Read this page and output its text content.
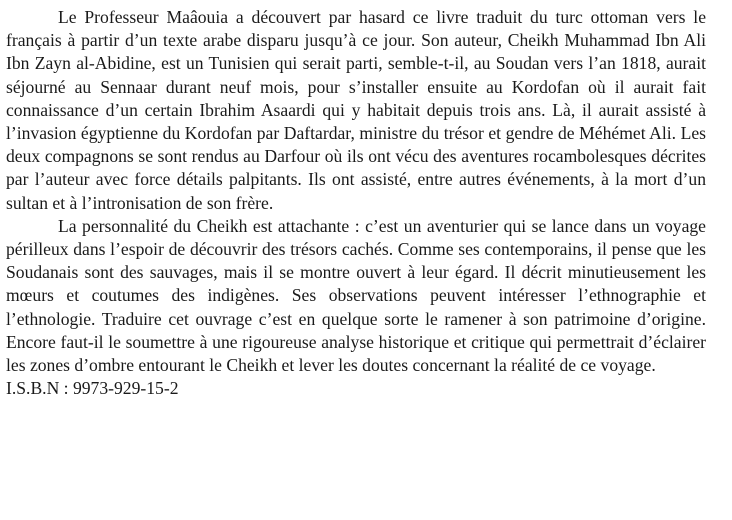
Le Professeur Maâouia a découvert par hasard ce livre traduit du turc ottoman vers le français à partir d’un texte arabe disparu jusqu’à ce jour. Son auteur, Cheikh Muhammad Ibn Ali Ibn Zayn al-Abidine, est un Tunisien qui serait parti, semble-t-il, au Soudan vers l’an 1818, aurait séjourné au Sennaar durant neuf mois, pour s’installer ensuite au Kordofan où il aurait fait connaissance d’un certain Ibrahim Asaardi qui y habitait depuis trois ans. Là, il aurait assisté à l’invasion égyptienne du Kordofan par Daftardar, ministre du trésor et gendre de Méhémet Ali. Les deux compagnons se sont rendus au Darfour où ils ont vécu des aventures rocambolesques décrites par l’auteur avec force détails palpitants. Ils ont assisté, entre autres événements, à la mort d’un sultan et à l’intronisation de son frère.

La personnalité du Cheikh est attachante : c’est un aventurier qui se lance dans un voyage périlleux dans l’espoir de découvrir des trésors cachés. Comme ses contemporains, il pense que les Soudanais sont des sauvages, mais il se montre ouvert à leur égard. Il décrit minutieusement les mœurs et coutumes des indigènes. Ses observations peuvent intéresser l’ethnographie et l’ethnologie. Traduire cet ouvrage c’est en quelque sorte le ramener à son patrimoine d’origine. Encore faut-il le soumettre à une rigoureuse analyse historique et critique qui permettrait d’éclairer les zones d’ombre entourant le Cheikh et lever les doutes concernant la réalité de ce voyage.

I.S.B.N : 9973-929-15-2
